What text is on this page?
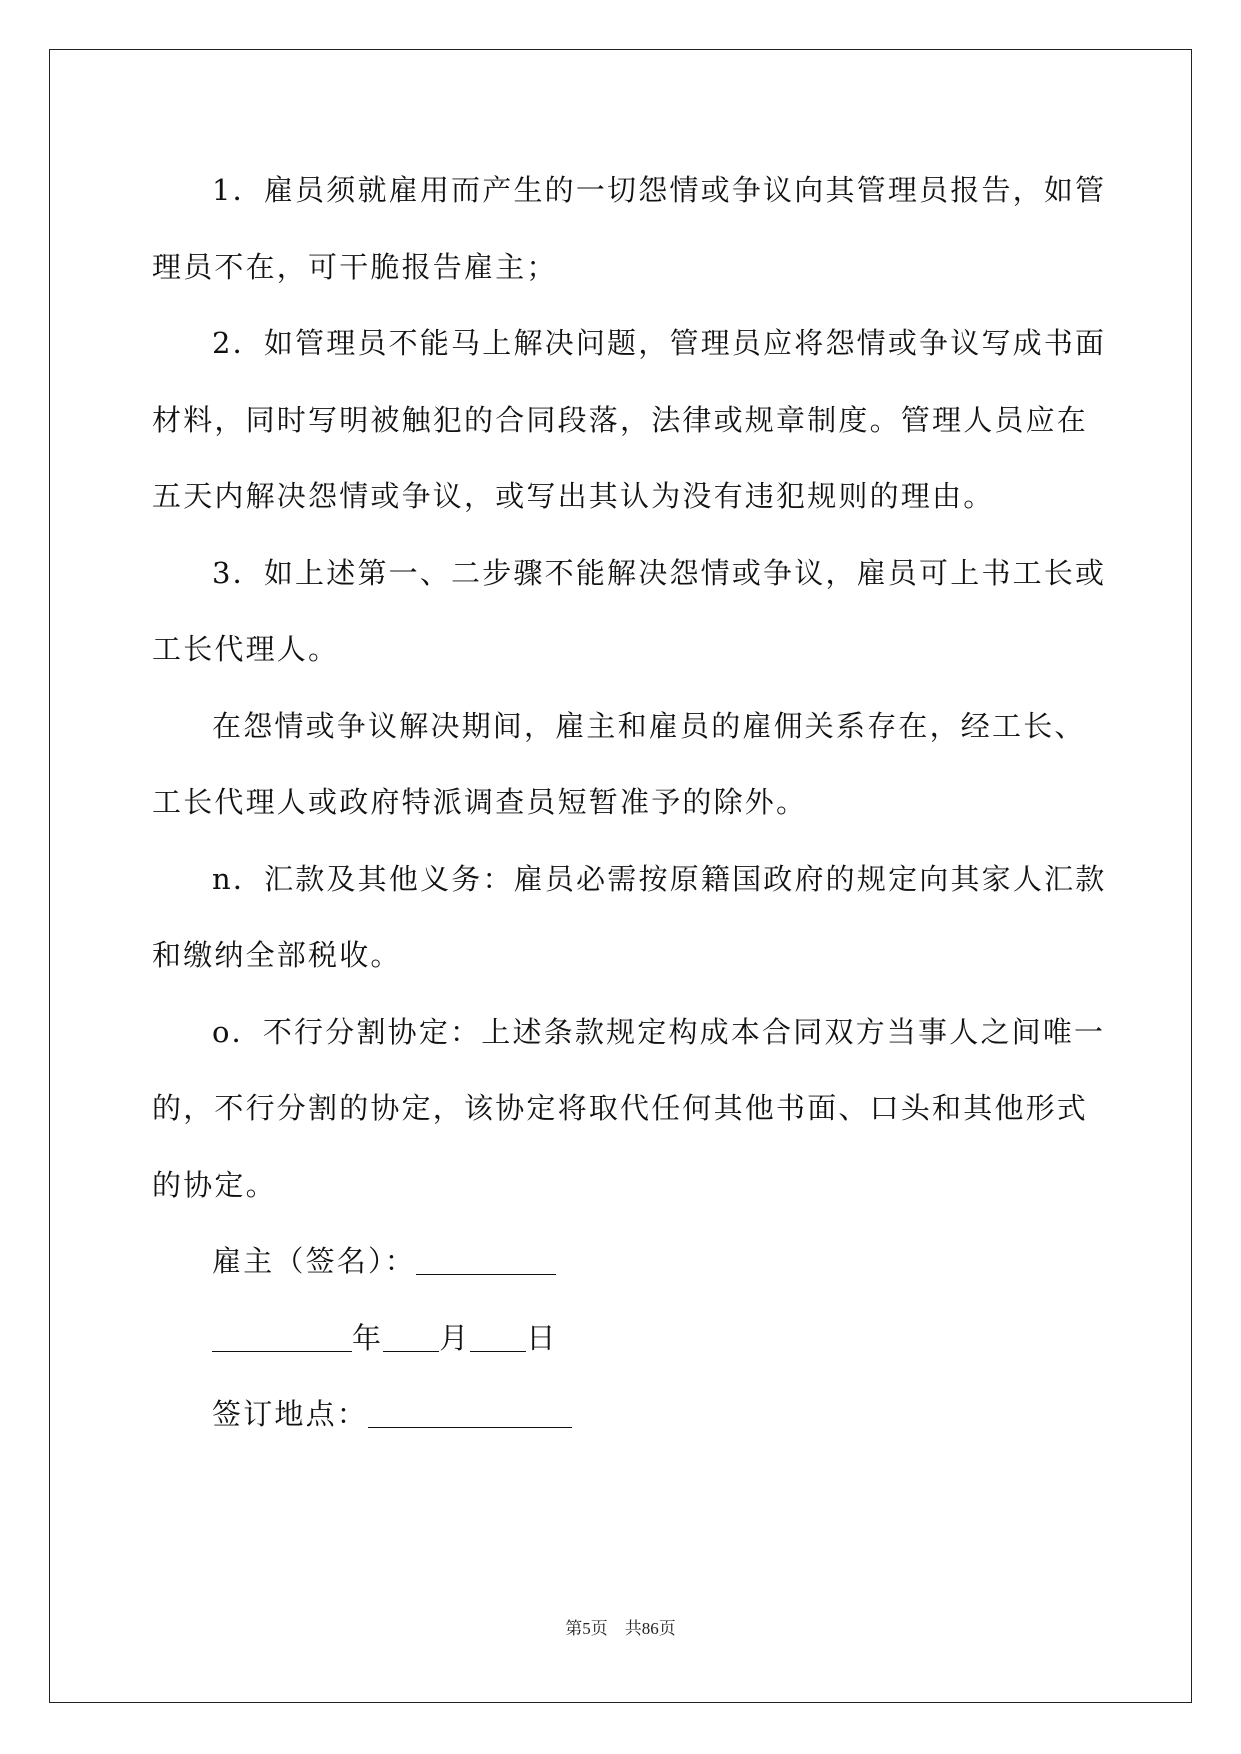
1．雇员须就雇用而产生的一切怨情或争议向其管理员报告，如管
理员不在，可干脆报告雇主；
2．如管理员不能马上解决问题，管理员应将怨情或争议写成书面
材料，同时写明被触犯的合同段落，法律或规章制度。管理人员应在
五天内解决怨情或争议，或写出其认为没有违犯规则的理由。
3．如上述第一、二步骤不能解决怨情或争议，雇员可上书工长或
工长代理人。
在怨情或争议解决期间，雇主和雇员的雇佣关系存在，经工长、
工长代理人或政府特派调查员短暂准予的除外。
n．汇款及其他义务：雇员必需按原籍国政府的规定向其家人汇款
和缴纳全部税收。
o．不行分割协定：上述条款规定构成本合同双方当事人之间唯一
的，不行分割的协定，该协定将取代任何其他书面、口头和其他形式
的协定。
雇主（签名）：
年 月 日
签订地点：
第5页　共86页
